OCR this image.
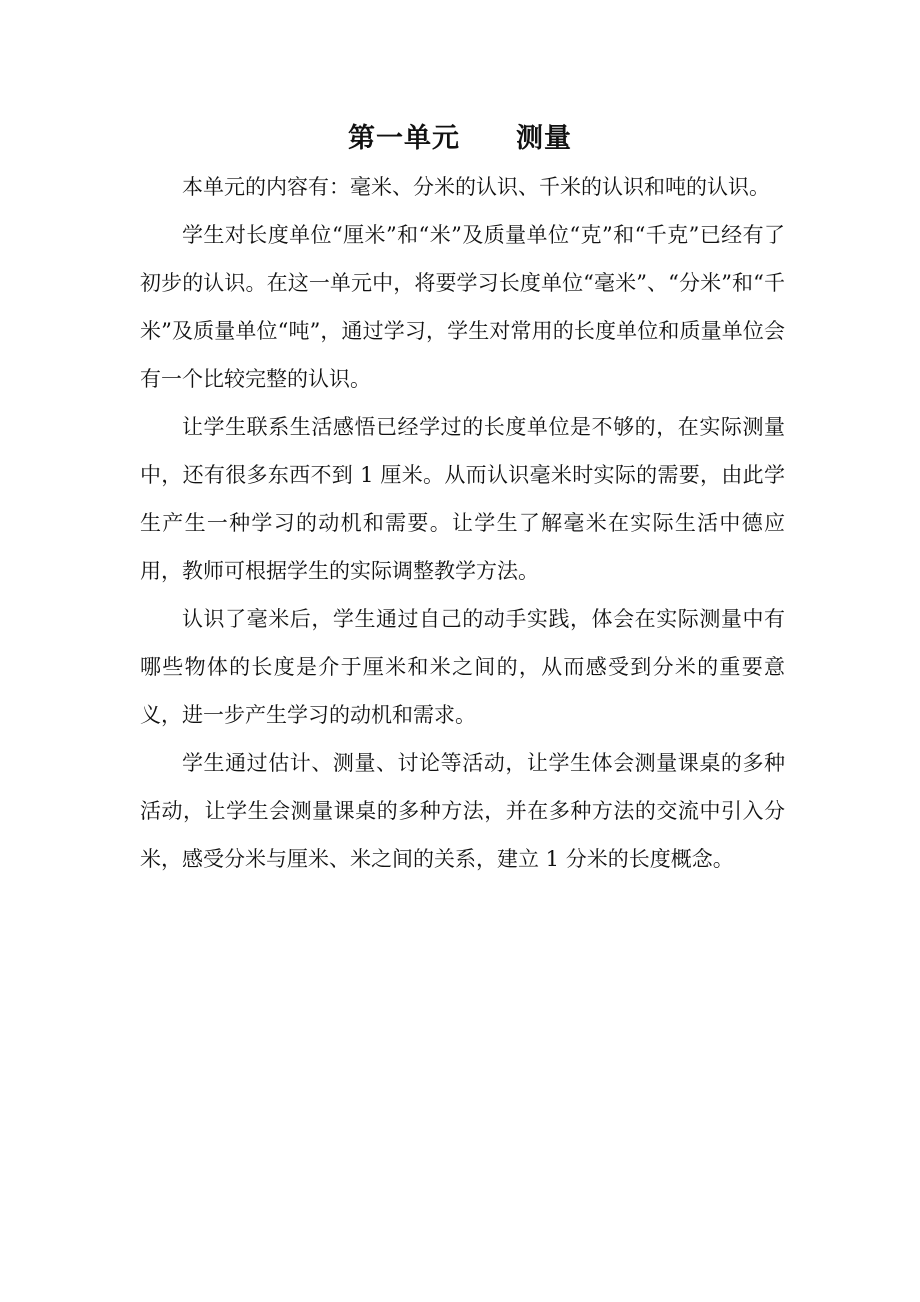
第一单元　　测量

本单元的内容有：毫米、分米的认识、千米的认识和吨的认识。

学生对长度单位“厘米”和“米”及质量单位“克”和“千克”已经有了初步的认识。在这一单元中，将要学习长度单位“毫米”、“分米”和“千米”及质量单位“吨”，通过学习，学生对常用的长度单位和质量单位会有一个比较完整的认识。

让学生联系生活感悟已经学过的长度单位是不够的，在实际测量中，还有很多东西不到 1 厘米。从而认识毫米时实际的需要，由此学生产生一种学习的动机和需要。让学生了解毫米在实际生活中德应用，教师可根据学生的实际调整教学方法。

认识了毫米后，学生通过自己的动手实践，体会在实际测量中有哪些物体的长度是介于厘米和米之间的，从而感受到分米的重要意义，进一步产生学习的动机和需求。

学生通过估计、测量、讨论等活动，让学生体会测量课桌的多种活动，让学生会测量课桌的多种方法，并在多种方法的交流中引入分米，感受分米与厘米、米之间的关系，建立 1 分米的长度概念。
